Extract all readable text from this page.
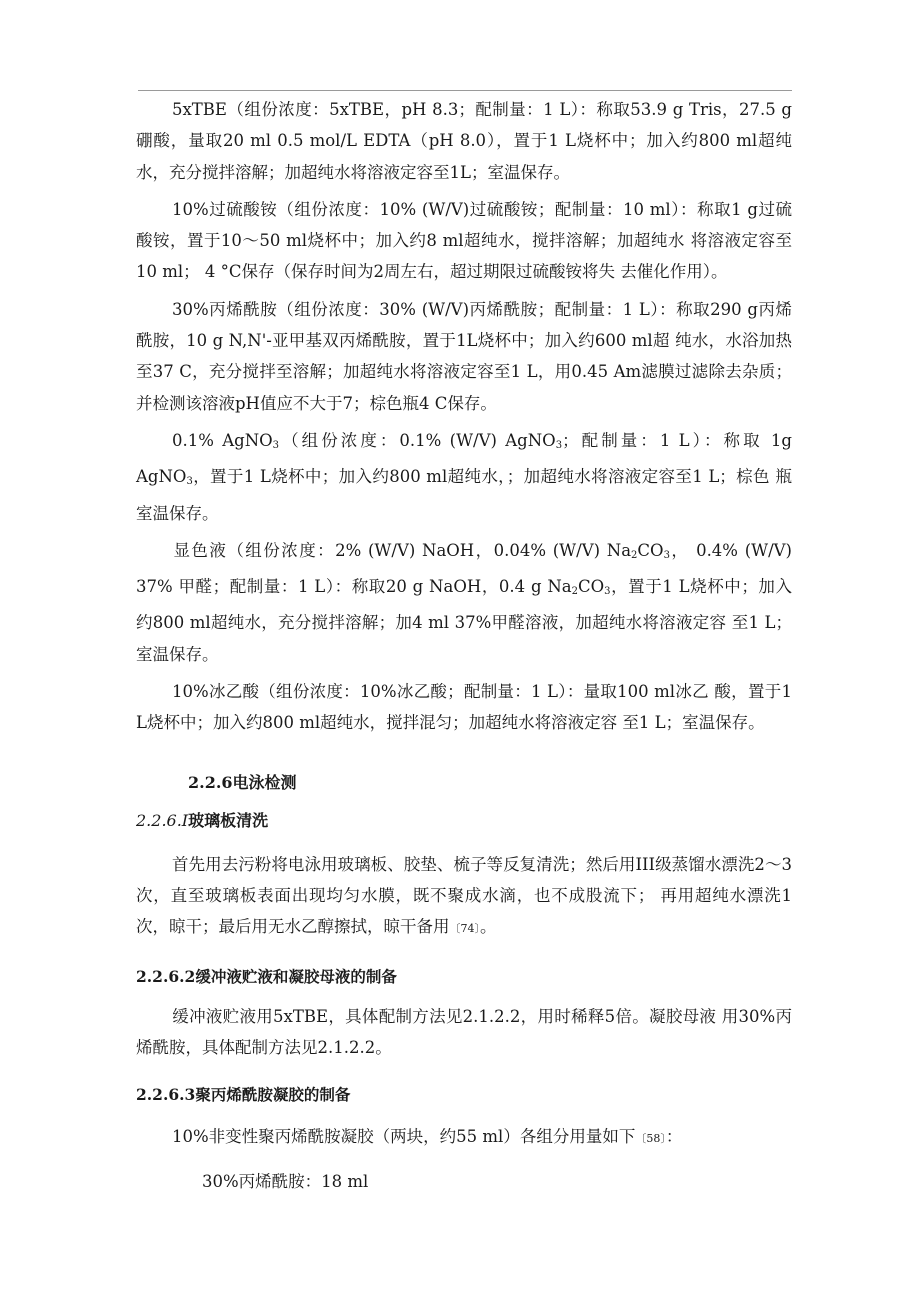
5xTBE（组份浓度：5xTBE，pH 8.3；配制量：1 L）：称取53.9 g Tris，27.5 g硼酸，量取20 ml 0.5 mol/L EDTA（pH 8.0），置于1 L烧杯中；加入约800 ml超纯水，充分搅拌溶解；加超纯水将溶液定容至1L；室温保存。

10%过硫酸铵（组份浓度：10% (W/V)过硫酸铵；配制量：10 ml）：称取1 g过硫酸铵，置于10～50 ml烧杯中；加入约8 ml超纯水，搅拌溶解；加超纯水 将溶液定容至10 ml； 4 °C保存（保存时间为2周左右，超过期限过硫酸铵将失 去催化作用）。

30%丙烯酰胺（组份浓度：30% (W/V)丙烯酰胺；配制量：1 L）：称取290 g丙烯酰胺，10 g N,N'-亚甲基双丙烯酰胺，置于1L烧杯中；加入约600 ml超 纯水，水浴加热至37 C，充分搅拌至溶解；加超纯水将溶液定容至1 L，用0.45 Am滤膜过滤除去杂质；并检测该溶液pH值应不大于7；棕色瓶4 C保存。

0.1% AgNO$_3$（组份浓度：0.1% (W/V) AgNO$_3$；配制量：1 L）：称取 1g AgNO$_3$，置于1 L烧杯中；加入约800 ml超纯水，；加超纯水将溶液定容至1 L；棕色 瓶室温保存。

显色液（组份浓度：2% (W/V) NaOH，0.04% (W/V) $Na_2CO_3$， 0.4% (W/V) 37% 甲醛；配制量：1 L）：称取20 g NaOH，0.4 g $Na_2CO_3$，置于1 L烧杯中；加入 约800 ml超纯水，充分搅拌溶解；加4 ml 37%甲醛溶液，加超纯水将溶液定容 至1 L；室温保存。

10%冰乙酸（组份浓度：10%冰乙酸；配制量：1 L）：量取100 ml冰乙 酸，置于1 L烧杯中；加入约800 ml超纯水，搅拌混匀；加超纯水将溶液定容 至1 L；室温保存。

2.2.6电泳检测
2.2.6.I玻璃板清洗

首先用去污粉将电泳用玻璃板、胶垫、梳子等反复清洗；然后用III级蒸馏水漂洗2～3次，直至玻璃板表面出现均匀水膜，既不聚成水滴，也不成股流下； 再用超纯水漂洗1次，晾干；最后用无水乙醇擦拭，晾干备用〔74〕。

2.2.6.2缓冲液贮液和凝胶母液的制备

缓冲液贮液用5xTBE，具体配制方法见2.1.2.2，用时稀释5倍。凝胶母液 用30%丙烯酰胺，具体配制方法见2.1.2.2。

2.2.6.3聚丙烯酰胺凝胶的制备

10%非变性聚丙烯酰胺凝胶（两块，约55 ml）各组分用量如下〔58〕：

30%丙烯酰胺：18 ml
